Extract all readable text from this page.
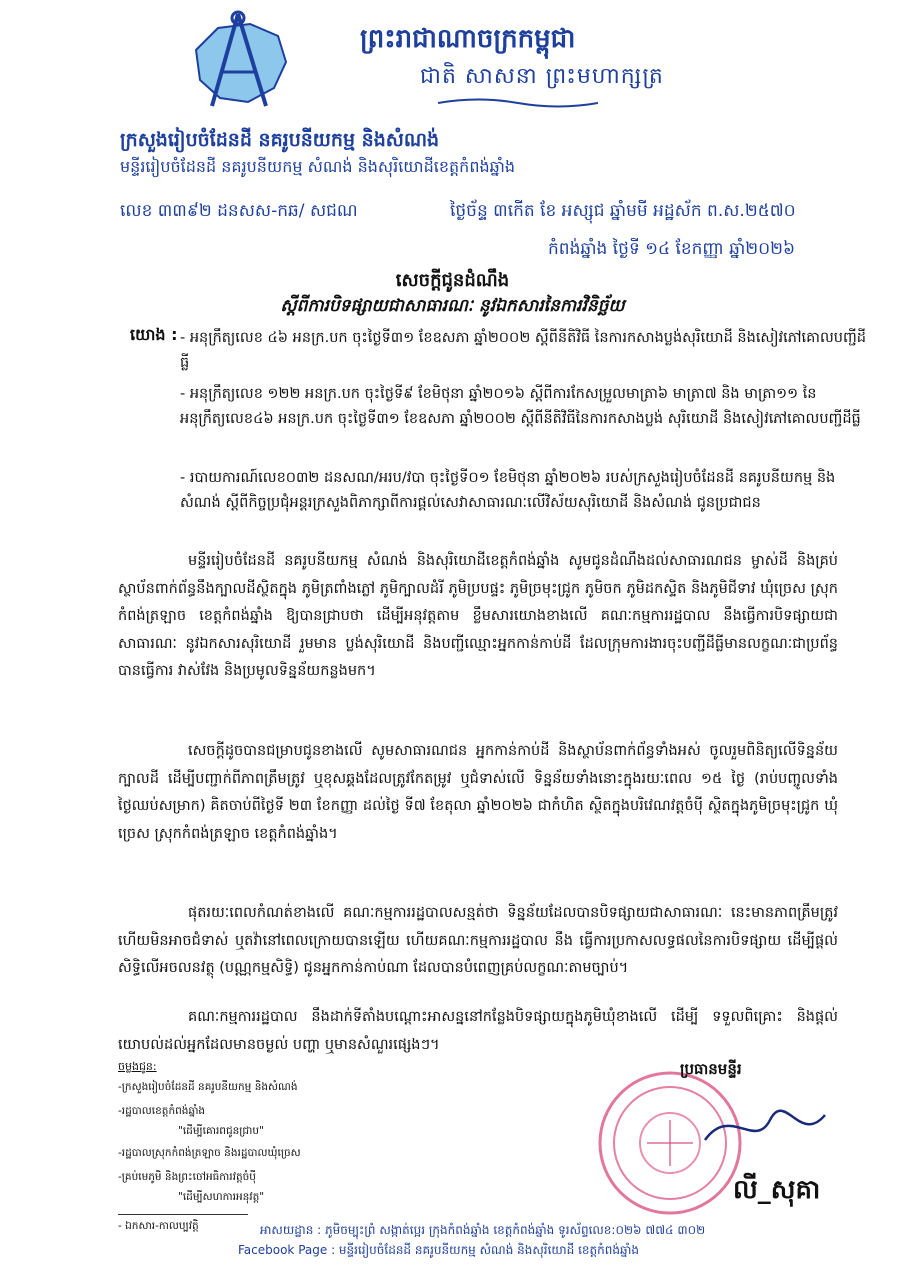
ព្រះរាជាណាចក្រកម្ពុជា
ជាតិ សាសនា ព្រះមហាក្សត្រ
ក្រសួងរៀបចំដែនដី នគរូបនីយកម្ម និងសំណង់
មន្ទីររៀបចំដែនដី នគរូបនីយកម្ម សំណង់ និងសុរិយោដីខេត្តកំពង់ឆ្នាំង
លេខ ៣៣៩២ ដនសស-កឆ/ សជណ	ថ្ងៃច័ន្ទ ៣កើត ខែ អស្សុជ ឆ្នាំមមី អដ្ឋស័ក ព.ស.២៥៧០
កំពង់ឆ្នាំង ថ្ងៃទី ១៤ ខែកញ្ញា ឆ្នាំ២០២៦
សេចក្តីជូនដំណឹង
ស្តីពីការបិទផ្សាយជាសាធារណៈ នូវឯកសារនៃការវិនិច្ឆ័យ
យោង : - អនុក្រឹត្យលេខ ៤៦ អនក្រ.បក ចុះថ្ងៃទី៣១ ខែឧសភា ឆ្នាំ២០០២ ស្តីពីនីតិវិធី នៃការកសាងប្លង់សុរិយោដី និងសៀវភៅគោលបញ្ជីដីធ្លី
- អនុក្រឹត្យលេខ ១២២ អនក្រ.បក ចុះថ្ងៃទី៩ ខែមិថុនា ឆ្នាំ២០១៦ ស្តីពីការកែសម្រួលមាត្រា៦ មាត្រា៧ និង មាត្រា១១ នៃអនុក្រឹត្យលេខ៤៦ អនក្រ.បក ចុះថ្ងៃទី៣១ ខែឧសភា ឆ្នាំ២០០២ ស្តីពីនីតិវិធីនៃការកសាងប្លង់ សុរិយោដី និងសៀវភៅគោលបញ្ជីដីធ្លី
- របាយការណ៍លេខ០៣២ ដនសណ/អរប/វបា ចុះថ្ងៃទី០១ ខែមិថុនា ឆ្នាំ២០២៦ របស់ក្រសួងរៀបចំដែនដី នគរូបនីយកម្ម និងសំណង់ ស្តីពីកិច្ចប្រជុំអន្តរក្រសួងពិភាក្សាពីការផ្តល់សេវាសាធារណៈលើវិស័យសុរិយោដី និងសំណង់ ជូនប្រជាជន
មន្ទីររៀបចំដែនដី នគរូបនីយកម្ម សំណង់ និងសុរិយោដីខេត្តកំពង់ឆ្នាំង សូមជូនដំណឹងដល់សាធារណជន ម្ចាស់ដី និងគ្រប់ស្ថាប័នពាក់ព័ន្ធនឹងក្បាលដីស្ថិតក្នុង ភូមិត្រពាំងភ្លៅ ភូមិក្បាលដំរី ភូមិប្របផ្ទះ ភូមិច្រមុះជ្រូក ភូមិចក ភូមិដកស្ទិត និងភូមិជីទាវ ឃុំច្រេស ស្រុកកំពង់ត្រឡាច ខេត្តកំពង់ឆ្នាំង ឱ្យបានជ្រាបថា ដើម្បីអនុវត្តតាម ខ្លឹមសារយោងខាងលើ គណៈកម្មការរដ្ឋបាល នឹងធ្វើការបិទផ្សាយជាសាធារណៈ នូវឯកសារសុរិយោដី រួមមាន ប្លង់សុរិយោដី និងបញ្ជីឈ្មោះអ្នកកាន់កាប់ដី ដែលក្រុមការងារចុះបញ្ជីដីធ្លីមានលក្ខណៈជាប្រព័ន្ធ បានធ្វើការ វាស់វែង និងប្រមូលទិន្នន័យកន្លងមក។
សេចក្តីដូចបានជម្រាបជូនខាងលើ សូមសាធារណជន អ្នកកាន់កាប់ដី និងស្ថាប័នពាក់ព័ន្ធទាំងអស់ ចូលរួមពិនិត្យលើទិន្នន័យក្បាលដី ដើម្បីបញ្ជាក់ពីភាពត្រឹមត្រូវ ឬខុសឆ្គងដែលត្រូវកែតម្រូវ ឬជំទាស់លើ ទិន្នន័យទាំងនោះក្នុងរយៈពេល ១៥ ថ្ងៃ (រាប់បញ្ចូលទាំងថ្ងៃឈប់សម្រាក) គិតចាប់ពីថ្ងៃទី ២៣ ខែកញ្ញា ដល់ថ្ងៃ ទី៧ ខែតុលា ឆ្នាំ២០២៦ ជាកំហិត ស្ថិតក្នុងបរិវេណវត្តចំប៉ី ស្ថិតក្នុងភូមិច្រមុះជ្រូក ឃុំច្រេស ស្រុកកំពង់ត្រឡាច ខេត្តកំពង់ឆ្នាំង។
ផុតរយៈពេលកំណត់ខាងលើ គណៈកម្មការរដ្ឋបាលសន្មត់ថា ទិន្នន័យដែលបានបិទផ្សាយជាសាធារណៈ នេះមានភាពត្រឹមត្រូវ ហើយមិនអាចជំទាស់ ឬតវ៉ានៅពេលក្រោយបានឡើយ ហើយគណៈកម្មការរដ្ឋបាល នឹង ធ្វើការប្រកាសលទ្ធផលនៃការបិទផ្សាយ ដើម្បីផ្តល់សិទ្ធិលើអចលនវត្ថុ (បណ្ណកម្មសិទ្ធិ) ជូនអ្នកកាន់កាប់ណា ដែលបានបំពេញគ្រប់លក្ខណៈតាមច្បាប់។
គណៈកម្មការរដ្ឋបាល នឹងដាក់ទីតាំងបណ្តោះអាសន្ននៅកន្លែងបិទផ្សាយក្នុងភូមិឃុំខាងលើ ដើម្បី ទទួលពិគ្រោះ និងផ្តល់យោបល់ដល់អ្នកដែលមានចម្ងល់ បញ្ហា ឬមានសំណួរផ្សេងៗ។
ប្រធានមន្ទីរ
លី_សុគា
ចម្លងជូន:
-ក្រសួងរៀបចំដែនដី នគរូបនីយកម្ម និងសំណង់
-រដ្ឋបាលខេត្តកំពង់ឆ្នាំង
"ដើម្បីគោរពជូនជ្រាប"
-រដ្ឋបាលស្រុកកំពង់ត្រឡាច និងរដ្ឋបាលឃុំច្រេស
-គ្រប់មេភូមិ និងព្រះចៅអធិការវត្តចំប៉ី
"ដើម្បីសហការអនុវត្ត"
- ឯកសារ-កាលប្បវត្តិ	អាសយដ្ឋាន : ភូមិចម្បុះព្រំ សង្កាត់ប្អេរ ក្រុងកំពង់ឆ្នាំង ខេត្តកំពង់ឆ្នាំង ទូរស័ព្ទលេខ:០២៦ ៧៧៤ ៣០២
Facebook Page : មន្ទីររៀបចំដែនដី នគរូបនីយកម្ម សំណង់ និងសុរិយោដី ខេត្តកំពង់ឆ្នាំង
